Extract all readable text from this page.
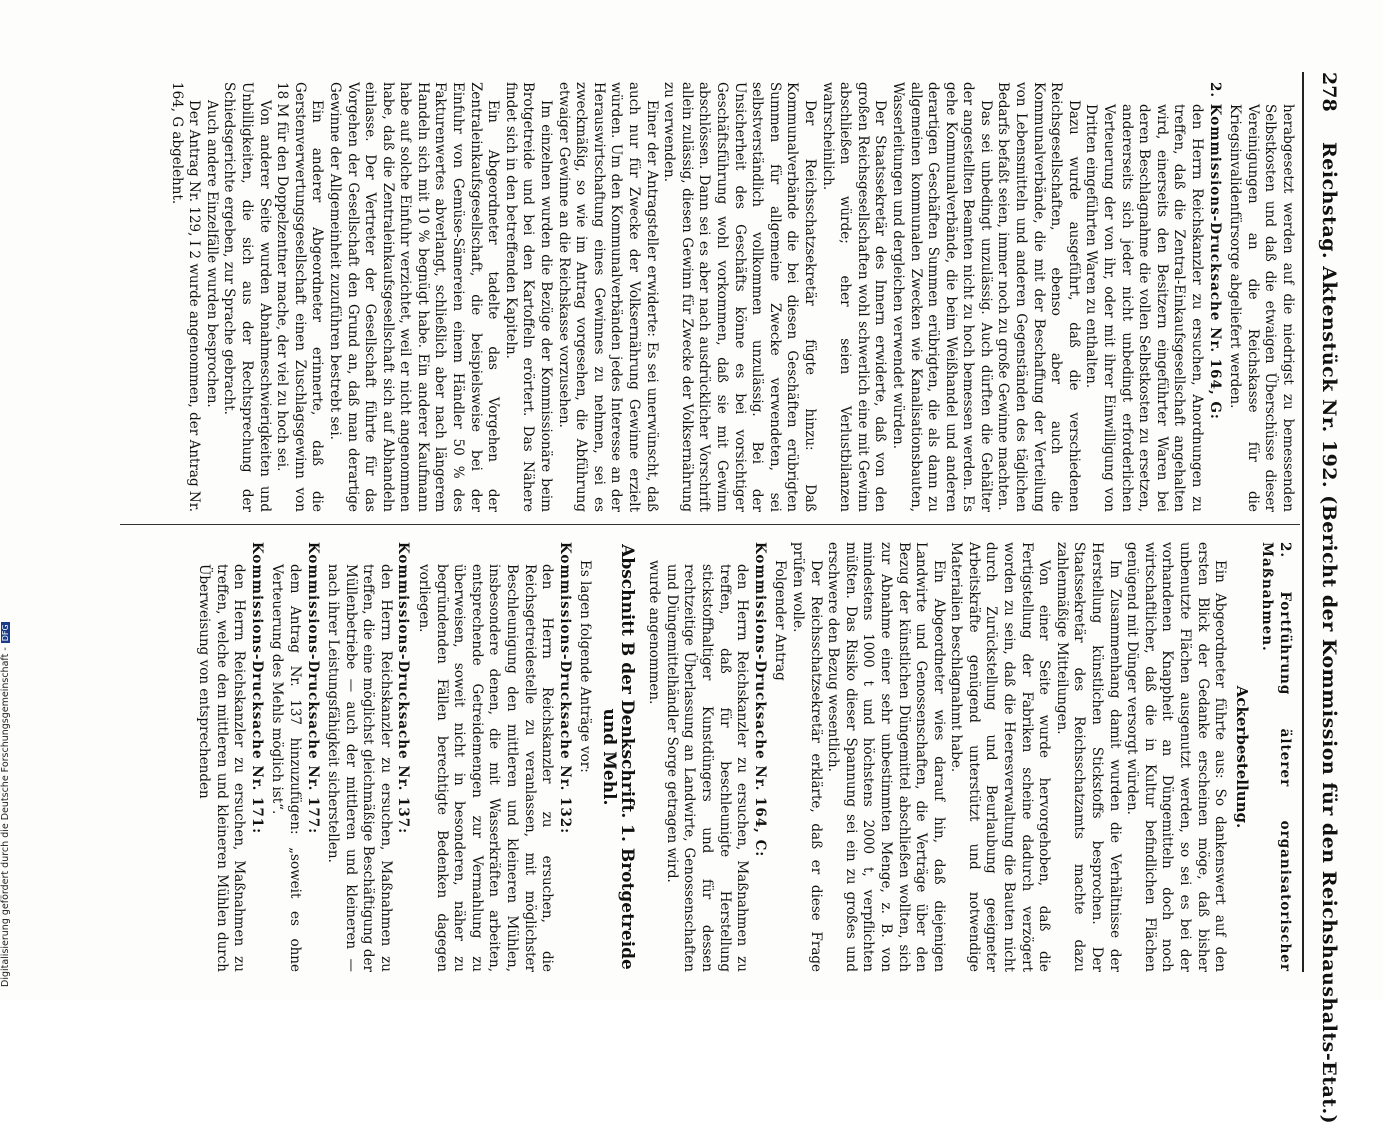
278
Reichstag. Aktenstück Nr. 192. (Bericht der Kommission für den Reichshaushalts-Etat.)

herabgesetzt werden auf die niedrigst zu bemessenden Selbstkosten und daß die etwaigen Überschüsse dieser Vereinigungen an die Reichskasse für die Kriegsinvalidenfürsorge abgeliefert werden.

2. Kommissions-Drucksache Nr. 164, G:

den Herrn Reichskanzler zu ersuchen, Anordnungen zu treffen, daß die Zentral-Einkaufsgesellschaft angehalten wird, einerseits den Besitzern eingeführter Waren bei deren Beschlagnahme die vollen Selbstkosten zu ersetzen, andererseits sich jeder nicht unbedingt erforderlichen Verteuerung der von ihr, oder mit ihrer Einwilligung von Dritten eingeführten Waren zu enthalten.

Dazu wurde ausgeführt, daß die verschiedenen Reichsgesellschaften, ebenso aber auch die Kommunalverbände, die mit der Beschaffung der Verteilung von Lebensmitteln und anderen Gegenständen des täglichen Bedarfs befaßt seien, immer noch zu große Gewinne machten.

Das sei unbedingt unzulässig. Auch dürften die Gehälter der angestellten Beamten nicht zu hoch bemessen werden. Es gehe Kommunalverbände, die beim Weißhandel und anderen derartigen Geschäften Summen erübrigten, die als dann zu allgemeinen kommunalen Zwecken wie Kanalisationsbauten, Wasserleitungen und dergleichen verwendet würden.

Der Staatssekretär des Innern erwiderte, daß von den großen Reichsgesellschaften wohl schwerlich eine mit Gewinn abschließen würde; eher seien Verlustbilanzen wahrscheinlich.

Der Reichsschatzsekretär fügte hinzu: Daß Kommunalverbände die bei diesen Geschäften erübrigten Summen für allgemeine Zwecke verwendeten, sei selbstverständlich vollkommen unzulässig. Bei der Unsicherheit des Geschäfts könne es bei vorsichtiger Geschäftsführung wohl vorkommen, daß sie mit Gewinn abschlössen. Dann sei es aber nach ausdrücklicher Vorschrift allein zulässig, diesen Gewinn für Zwecke der Volksernährung zu verwenden.

Einer der Antragsteller erwiderte: Es sei unerwünscht, daß auch nur für Zwecke der Volksernährung Gewinne erzielt würden. Um den Kommunalverbänden jedes Interesse an der Herauswirtschaftung eines Gewinnes zu nehmen, sei es zweckmäßig, so wie im Antrag vorgesehen, die Abführung etwaiger Gewinne an die Reichskasse vorzusehen.

Im einzelnen wurden die Bezüge der Kommissionäre beim Brotgetreide und bei den Kartoffeln erörtert. Das Nähere findet sich in den betreffenden Kapiteln.

Ein Abgeordneter tadelte das Vorgehen der Zentraleinkaufsgesellschaft, die beispielsweise bei der Einfuhr von Gemüse-Sämereien einem Händler 50 % des Fakturenwertes abverlangt, schließlich aber nach längerem Handeln sich mit 10 % begnügt habe. Ein anderer Kaufmann habe auf solche Einfuhr verzichtet, weil er nicht angenommen habe, daß die Zentraleinkaufsgesellschaft sich auf Abhandeln einlasse. Der Vertreter der Gesellschaft führte für das Vorgehen der Gesellschaft den Grund an, daß man derartige Gewinne der Allgemeinheit zuzuführen bestrebt sei.

Ein anderer Abgeordneter erinnerte, daß die Gerstenverwertungsgesellschaft einen Zuschlagsgewinn von 18 M für den Doppelzentner mache, der viel zu hoch sei.

Von anderer Seite wurden Abnahmeschwierigkeiten und Unbilligkeiten, die sich aus der Rechtsprechung der Schiedsgerichte ergeben, zur Sprache gebracht.

Auch andere Einzelfälle wurden besprochen.

Der Antrag Nr. 129, I 2 wurde angenommen, der Antrag Nr. 164, G abgelehnt.

2. Fortführung älterer organisatorischer Maßnahmen.

Ackerbestellung.

Ein Abgeordneter führte aus: So dankenswert auf den ersten Blick der Gedanke erscheinen möge, daß bisher unbenutzte Flächen ausgenutzt werden, so sei es bei der vorhandenen Knappheit an Düngemitteln doch noch wirtschaftlicher, daß die in Kultur befindlichen Flächen genügend mit Dünger versorgt würden.

Im Zusammenhang damit wurden die Verhältnisse der Herstellung künstlichen Stickstoffs besprochen. Der Staatssekretär des Reichsschatzamts machte dazu zahlenmäßige Mitteilungen.

Von einer Seite wurde hervorgehoben, daß die Fertigstellung der Fabriken scheine dadurch verzögert worden zu sein, daß die Heeresverwaltung die Bauten nicht durch Zurückstellung und Beurlaubung geeigneter Arbeitskräfte genügend unterstützt und notwendige Materialien beschlagnahmt habe.

Ein Abgeordneter wies darauf hin, daß diejenigen Landwirte und Genossenschaften, die Verträge über den Bezug der künstlichen Düngemittel abschließen wollten, sich zur Abnahme einer sehr unbestimmten Menge, z. B. von mindestens 1000 t und höchstens 2000 t, verpflichten müßten. Das Risiko dieser Spannung sei ein zu großes und erschwere den Bezug wesentlich.

Der Reichsschatzsekretär erklärte, daß er diese Frage prüfen wolle.

Folgender Antrag

Kommissions-Drucksache Nr. 164, C:

den Herrn Reichskanzler zu ersuchen, Maßnahmen zu treffen, daß für beschleunigte Herstellung stickstoffhaltiger Kunstdüngers und für dessen rechtzeitige Überlassung an Landwirte, Genossenschaften und Düngemittelhändler Sorge getragen wird.

wurde angenommen.

Abschnitt B der Denkschrift. 1. Brotgetreide und Mehl.

Es lagen folgende Anträge vor:

Kommissions-Drucksache Nr. 132:

den Herrn Reichskanzler zu ersuchen, die Reichsgetreidestelle zu veranlassen, mit möglichster Beschleunigung den mittleren und kleineren Mühlen, insbesondere denen, die mit Wasserkräften arbeiten, entsprechende Getreidemengen zur Vermahlung zu überweisen, soweit nicht in besonderen, näher zu begründenden Fällen berechtigte Bedenken dagegen vorliegen.

Kommissions-Drucksache Nr. 137:

den Herrn Reichskanzler zu ersuchen, Maßnahmen zu treffen, die eine möglichst gleichmäßige Beschäftigung der Müllenbetriebe — auch der mittleren und kleineren — nach ihrer Leistungsfähigkeit sicherstellen.

Kommissions-Drucksache Nr. 177:

dem Antrag Nr. 137 hinzuzufügen: „soweit es ohne Verteuerung des Mehls möglich ist“.

Kommissions-Drucksache Nr. 171:

den Herrn Reichskanzler zu ersuchen, Maßnahmen zu treffen, welche den mittleren und kleineren Mühlen durch Überweisung von entsprechenden

Digitalisierung gefördert durch die Deutsche Forschungsgemeinschaft -DFG
